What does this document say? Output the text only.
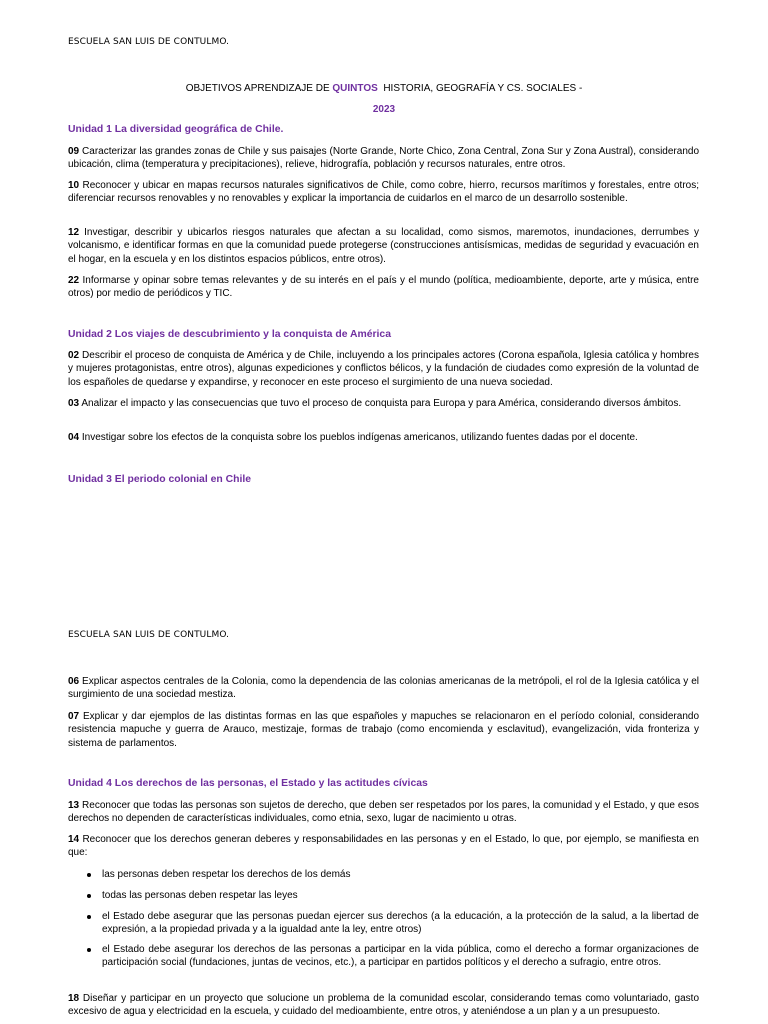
ESCUELA SAN LUIS DE CONTULMO.
OBJETIVOS APRENDIZAJE DE QUINTOS  HISTORIA, GEOGRAFÍA Y CS. SOCIALES -
2023
Unidad 1 La diversidad geográfica de Chile.
09 Caracterizar las grandes zonas de Chile y sus paisajes (Norte Grande, Norte Chico, Zona Central, Zona Sur y Zona Austral), considerando ubicación, clima (temperatura y precipitaciones), relieve, hidrografía, población y recursos naturales, entre otros.
10 Reconocer y ubicar en mapas recursos naturales significativos de Chile, como cobre, hierro, recursos marítimos y forestales, entre otros; diferenciar recursos renovables y no renovables y explicar la importancia de cuidarlos en el marco de un desarrollo sostenible.
12 Investigar, describir y ubicarlos riesgos naturales que afectan a su localidad, como sismos, maremotos, inundaciones, derrumbes y volcanismo, e identificar formas en que la comunidad puede protegerse (construcciones antisísmicas, medidas de seguridad y evacuación en el hogar, en la escuela y en los distintos espacios públicos, entre otros).
22 Informarse y opinar sobre temas relevantes y de su interés en el país y el mundo (política, medioambiente, deporte, arte y música, entre otros) por medio de periódicos y TIC.
Unidad 2 Los viajes de descubrimiento y la conquista de América
02 Describir el proceso de conquista de América y de Chile, incluyendo a los principales actores (Corona española, Iglesia católica y hombres y mujeres protagonistas, entre otros), algunas expediciones y conflictos bélicos, y la fundación de ciudades como expresión de la voluntad de los españoles de quedarse y expandirse, y reconocer en este proceso el surgimiento de una nueva sociedad.
03 Analizar el impacto y las consecuencias que tuvo el proceso de conquista para Europa y para América, considerando diversos ámbitos.
04 Investigar sobre los efectos de la conquista sobre los pueblos indígenas americanos, utilizando fuentes dadas por el docente.
Unidad 3 El periodo colonial en Chile
ESCUELA SAN LUIS DE CONTULMO.
06 Explicar aspectos centrales de la Colonia, como la dependencia de las colonias americanas de la metrópoli, el rol de la Iglesia católica y el surgimiento de una sociedad mestiza.
07 Explicar y dar ejemplos de las distintas formas en las que españoles y mapuches se relacionaron en el período colonial, considerando resistencia mapuche y guerra de Arauco, mestizaje, formas de trabajo (como encomienda y esclavitud), evangelización, vida fronteriza y sistema de parlamentos.
Unidad 4 Los derechos de las personas, el Estado y las actitudes cívicas
13 Reconocer que todas las personas son sujetos de derecho, que deben ser respetados por los pares, la comunidad y el Estado, y que esos derechos no dependen de características individuales, como etnia, sexo, lugar de nacimiento u otras.
14 Reconocer que los derechos generan deberes y responsabilidades en las personas y en el Estado, lo que, por ejemplo, se manifiesta en que:
las personas deben respetar los derechos de los demás
todas las personas deben respetar las leyes
el Estado debe asegurar que las personas puedan ejercer sus derechos (a la educación, a la protección de la salud, a la libertad de expresión, a la propiedad privada y a la igualdad ante la ley, entre otros)
el Estado debe asegurar los derechos de las personas a participar en la vida pública, como el derecho a formar organizaciones de participación social (fundaciones, juntas de vecinos, etc.), a participar en partidos políticos y el derecho a sufragio, entre otros.
18 Diseñar y participar en un proyecto que solucione un problema de la comunidad escolar, considerando temas como voluntariado, gasto excesivo de agua y electricidad en la escuela, y cuidado del medioambiente, entre otros, y ateniéndose a un plan y a un presupuesto.
